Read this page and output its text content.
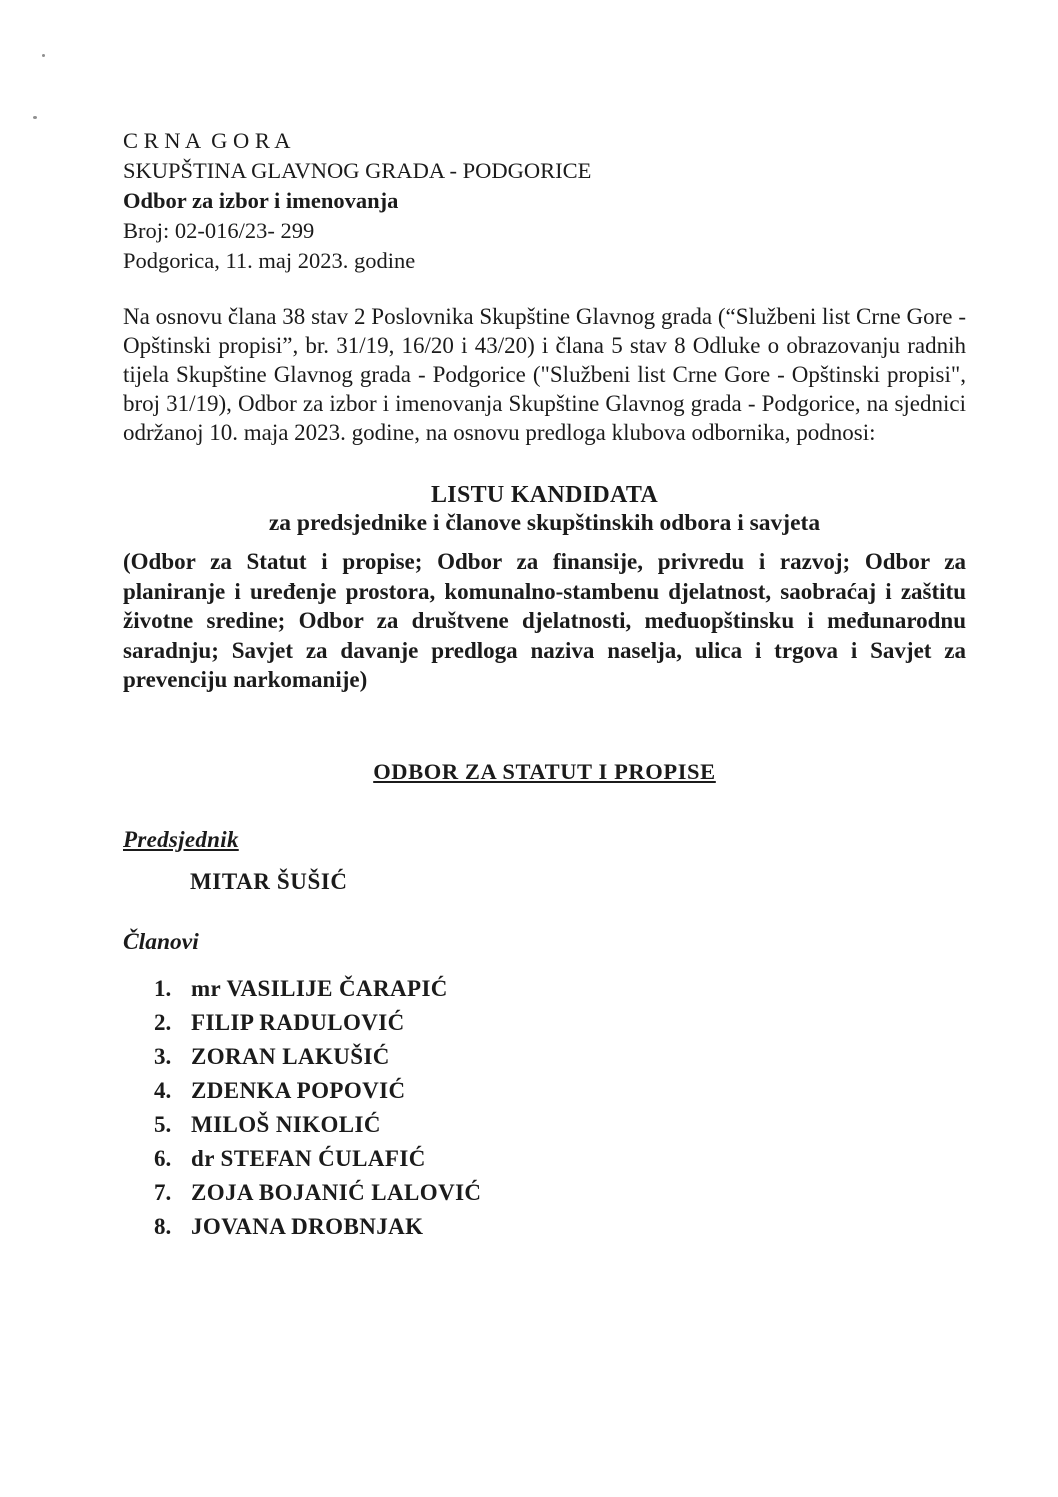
C R N A  G O R A
SKUPŠTINA GLAVNOG GRADA - PODGORICE
Odbor za izbor i imenovanja
Broj: 02-016/23- 299
Podgorica, 11. maj 2023. godine

Na osnovu člana 38 stav 2 Poslovnika Skupštine Glavnog grada (“Službeni list Crne Gore - Opštinski propisi”, br. 31/19, 16/20 i 43/20) i člana 5 stav 8 Odluke o obrazovanju radnih tijela Skupštine Glavnog grada - Podgorice ("Službeni list Crne Gore - Opštinski propisi", broj 31/19), Odbor za izbor i imenovanja Skupštine Glavnog grada - Podgorice, na sjednici održanoj 10. maja 2023. godine, na osnovu predloga klubova odbornika, podnosi:

LISTU KANDIDATA
za predsjednike i članove skupštinskih odbora i savjeta

(Odbor za Statut i propise; Odbor za finansije, privredu i razvoj; Odbor za planiranje i uređenje prostora, komunalno-stambenu djelatnost, saobraćaj i zaštitu životne sredine; Odbor za društvene djelatnosti, međuopštinsku i međunarodnu saradnju; Savjet za davanje predloga naziva naselja, ulica i trgova i Savjet za prevenciju narkomanije)

ODBOR ZA STATUT I PROPISE
Predsjednik
MITAR ŠUŠIĆ
Članovi
1. mr VASILIJE ČARAPIĆ
2. FILIP RADULOVIĆ
3. ZORAN LAKUŠIĆ
4. ZDENKA POPOVIĆ
5. MILOŠ NIKOLIĆ
6. dr STEFAN ĆULAFIĆ
7. ZOJA BOJANIĆ LALOVIĆ
8. JOVANA DROBNJAK
